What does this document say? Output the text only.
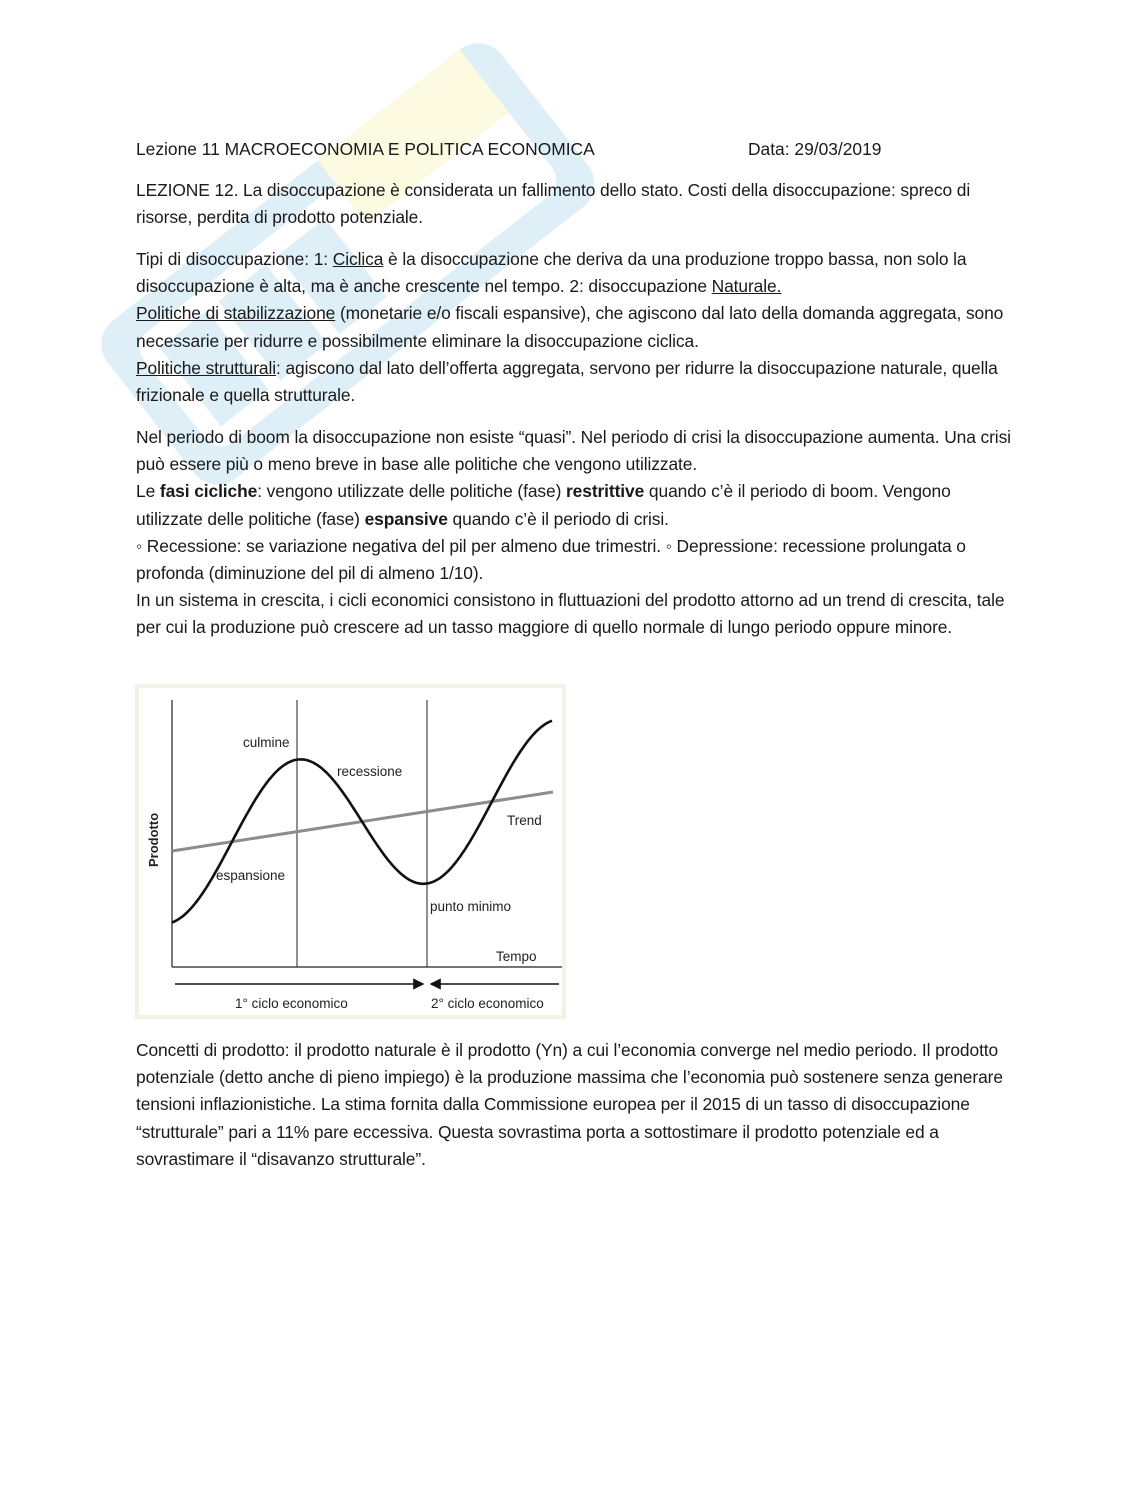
Lezione 11 MACROECONOMIA E POLITICA ECONOMICA	Data: 29/03/2019

LEZIONE 12. La disoccupazione è considerata un fallimento dello stato. Costi della disoccupazione: spreco di risorse, perdita di prodotto potenziale.

Tipi di disoccupazione: 1: Ciclica è la disoccupazione che deriva da una produzione troppo bassa, non solo la disoccupazione è alta, ma è anche crescente nel tempo. 2: disoccupazione Naturale.
Politiche di stabilizzazione (monetarie e/o fiscali espansive), che agiscono dal lato della domanda aggregata, sono necessarie per ridurre e possibilmente eliminare la disoccupazione ciclica.
Politiche strutturali: agiscono dal lato dell’offerta aggregata, servono per ridurre la disoccupazione naturale, quella frizionale e quella strutturale.

Nel periodo di boom la disoccupazione non esiste “quasi”. Nel periodo di crisi la disoccupazione aumenta. Una crisi può essere più o meno breve in base alle politiche che vengono utilizzate.
Le fasi cicliche: vengono utilizzate delle politiche (fase) restrittive quando c’è il periodo di boom. Vengono utilizzate delle politiche (fase) espansive quando c’è il periodo di crisi.
◦ Recessione: se variazione negativa del pil per almeno due trimestri. ◦ Depressione: recessione prolungata o profonda (diminuzione del pil di almeno 1/10).
In un sistema in crescita, i cicli economici consistono in fluttuazioni del prodotto attorno ad un trend di crescita, tale per cui la produzione può crescere ad un tasso maggiore di quello normale di lungo periodo oppure minore.

culmine
recessione
espansione
punto minimo
Trend
Tempo
Prodotto
1° ciclo economico	2° ciclo economico

Concetti di prodotto: il prodotto naturale è il prodotto (Yn) a cui l’economia converge nel medio periodo. Il prodotto potenziale (detto anche di pieno impiego) è la produzione massima che l’economia può sostenere senza generare tensioni inflazionistiche. La stima fornita dalla Commissione europea per il 2015 di un tasso di disoccupazione “strutturale” pari a 11% pare eccessiva. Questa sovrastima porta a sottostimare il prodotto potenziale ed a sovrastimare il “disavanzo strutturale”.
